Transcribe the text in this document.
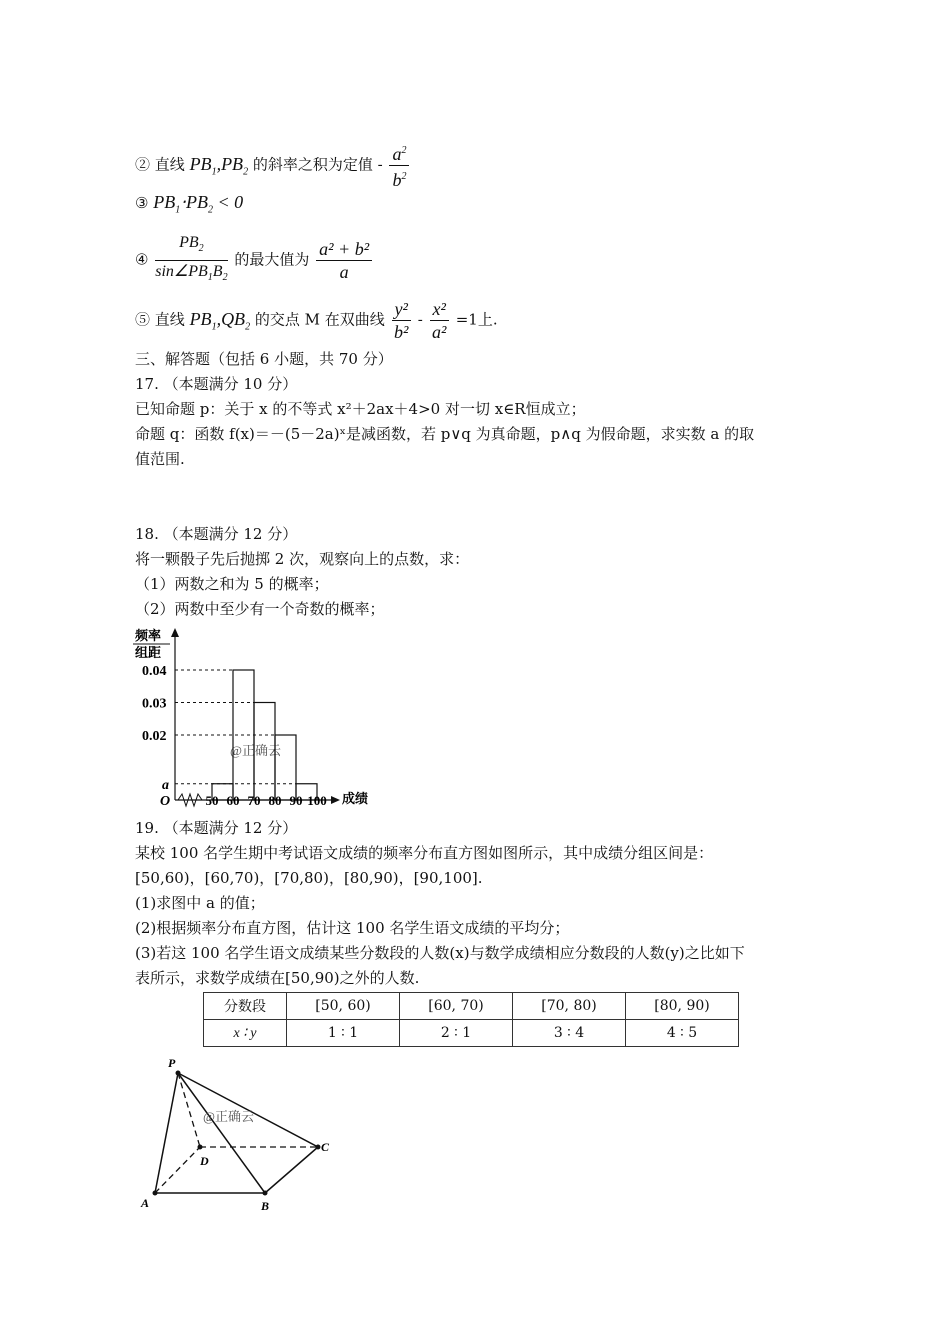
② 直线 $PB_1,PB_2$ 的斜率之积为定值 - $\frac{a^2}{b^2}$
③ $PB_1\cdot PB_2 < 0$
④ $\frac{PB_2}{\sin\angle PB_1B_2}$ 的最大值为 $\frac{\text{a² + b²}}{a}$
⑤ 直线 $PB_1,QB_2$ 的交点 M 在双曲线 $\frac{\text{y²}}{\text{b²}} - \frac{\text{x²}}{\text{a²}} =1$上.
三、解答题（包括 6 小题，共 70 分）
17. （本题满分 10 分）
已知命题 p：关于 x 的不等式 x²＋2ax＋4>0 对一切 x∈R恒成立；
命题 q：函数 f(x)＝－(5－2a)ˣ是减函数，若 p∨q 为真命题，p∧q 为假命题，求实数 a 的取
值范围.
18. （本题满分 12 分）
将一颗骰子先后抛掷 2 次，观察向上的点数，求：
（1）两数之和为 5 的概率；
（2）两数中至少有一个奇数的概率；
频率
组距
O	成绩
@正确云
0.04
0.03
0.02
a
50 60 70 80 90 100
19. （本题满分 12 分）
某校 100 名学生期中考试语文成绩的频率分布直方图如图所示，其中成绩分组区间是：
[50,60)，[60,70)，[70,80)，[80,90)，[90,100].
(1)求图中 a 的值；
(2)根据频率分布直方图，估计这 100 名学生语文成绩的平均分；
(3)若这 100 名学生语文成绩某些分数段的人数(x)与数学成绩相应分数段的人数(y)之比如下
表所示，求数学成绩在[50,90)之外的人数.
分数段	[50, 60)	[60, 70)	[70, 80)	[80, 90)
x ∶ y	1 ∶ 1	2 ∶ 1	3 ∶ 4	4 ∶ 5
P
A	B
C
D
@正确云
